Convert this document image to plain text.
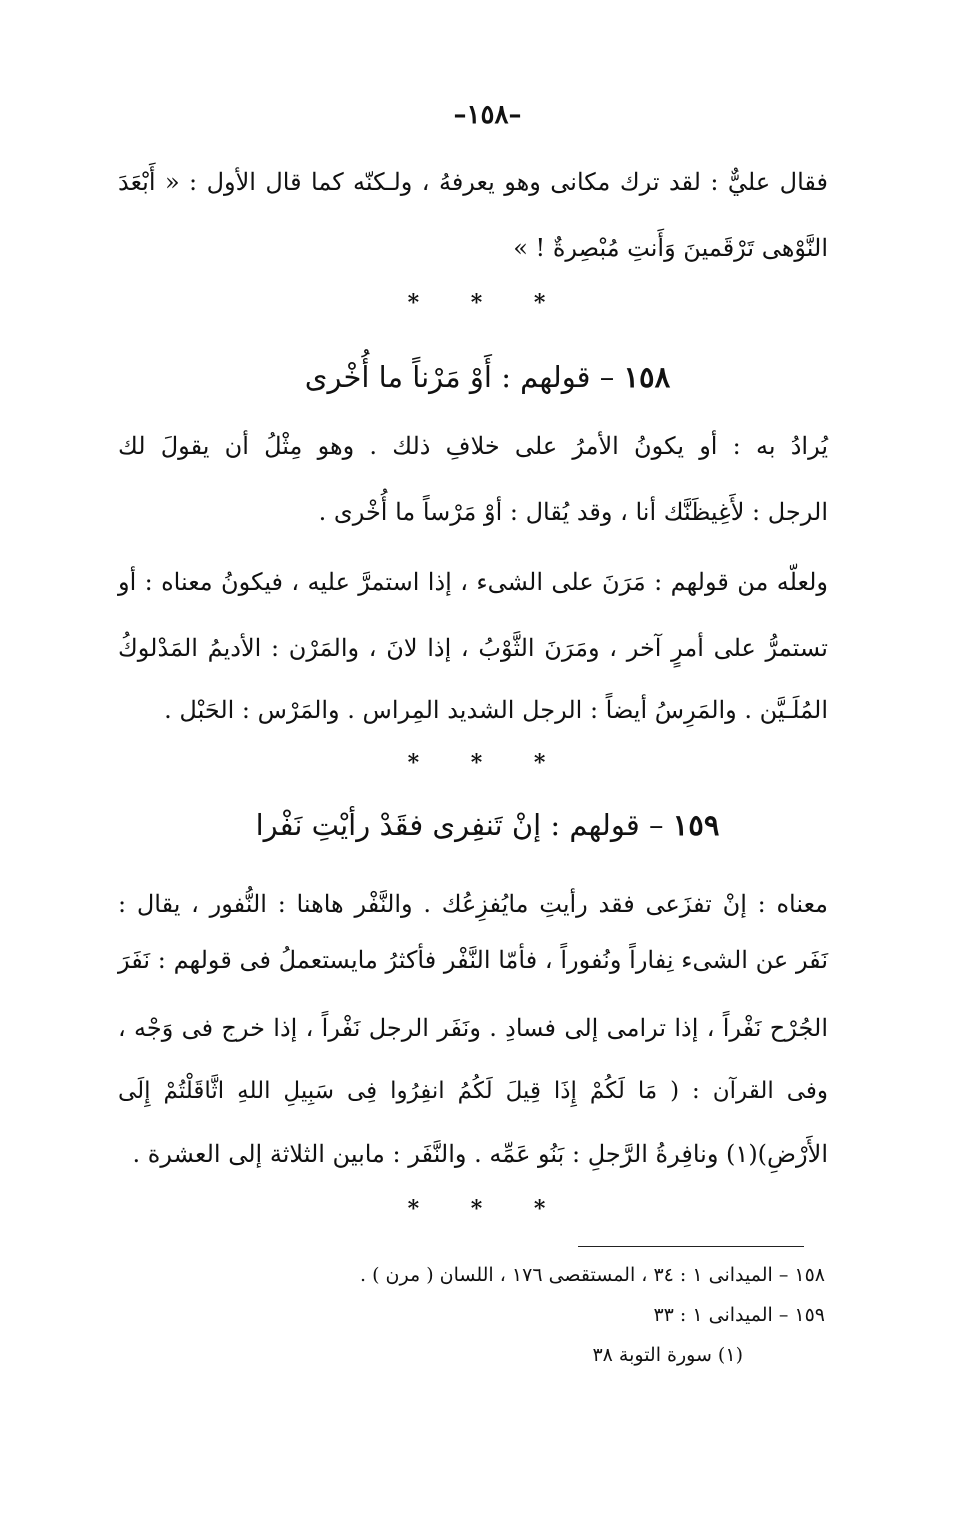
–١٥٨–
فقال عليٌّ : لقد ترك مكانى وهو يعرفهُ ، ولـكنّه كما قال الأول : « أَبْعَدَ
النَّوْهى تَرْقَمينَ وَأَنتِ مُبْصِرةٌ ! »
* * *
١٥٨ – قولهم : أَوْ مَرْناً ما أُخْرى
يُرادُ به : أو يكونُ الأمرُ على خلافِ ذلك . وهو مِثْلُ أن يقولَ لك
الرجل : لأَغِيظَنَّك أنا ، وقد يُقال : أوْ مَرْساً ما أُخْرى .
ولعلّه من قولهم : مَرَنَ على الشىء ، إذا استمرَّ عليه ، فيكونُ معناه : أو
تستمرُّ على أمرٍ آخر ، ومَرَنَ الثَّوْبُ ، إذا لانَ ، والمَرْن : الأديمُ المَدْلوكُ
المُلَـيَّن . والمَرِسُ أيضاً : الرجل الشديد المِراس . والمَرْس : الحَبْل .
* * *
١٥٩ – قولهم : إنْ تَنفِرى فقَدْ رأيْتِ نَفْرا
معناه : إنْ تفزَعى فقد رأيتِ مايُفزِعُك . والنَّفْر هاهنا : النُّفور ، يقال :
نَفَر عن الشىء نِفاراً ونُفوراً ، فأمّا النَّفْر فأكثرُ مايستعملُ فى قولهم : نَفَرَ
الجُرْح نَفْراً ، إذا ترامى إلى فسادِ . ونَفَر الرجل نَفْراً ، إذا خرج فى وَجْه ،
وفى القرآن : ( مَا لَكُمْ إِذَا قِيلَ لَكُمُ انفِرُوا فِى سَبِيلِ اللهِ اثَّاقَلْتُمْ إِلَى
الأَرْضِ)(١) ونافِرةُ الرَّجلِ : بَنُو عَمِّه . والنَّفَر : مابين الثلاثة إلى العشرة .
* * *
١٥٨ – الميدانى ١ : ٣٤ ، المستقصى ١٧٦ ، اللسان ( مرن ) .
١٥٩ – الميدانى ١ : ٣٣
(١) سورة التوبة ٣٨
